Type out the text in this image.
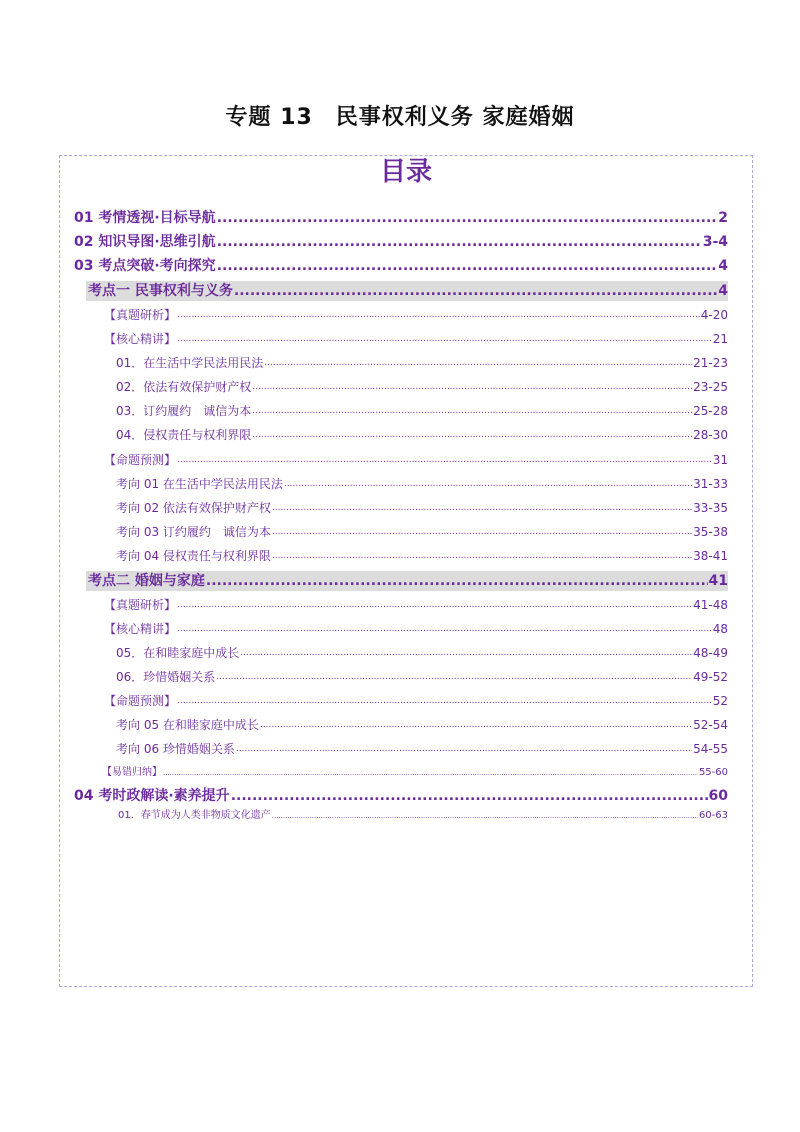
专题 13　民事权利义务 家庭婚姻
目录
01 考情透视·目标导航 .....	2
02 知识导图·思维引航 .....	3-4
03 考点突破·考向探究 .....	4
考点一 民事权利与义务 .....	4
【真题研析】 .....	4-20
【核心精讲】 .....	21
01．在生活中学民法用民法 .....	21-23
02．依法有效保护财产权 .....	23-25
03．订约履约　诚信为本 .....	25-28
04．侵权责任与权利界限 .....	28-30
【命题预测】 .....	31
考向 01 在生活中学民法用民法 .....	31-33
考向 02 依法有效保护财产权 .....	33-35
考向 03 订约履约　诚信为本 .....	35-38
考向 04 侵权责任与权利界限 .....	38-41
考点二 婚姻与家庭 .....	41
【真题研析】 .....	41-48
【核心精讲】 .....	48
05．在和睦家庭中成长 .....	48-49
06．珍惜婚姻关系 .....	49-52
【命题预测】 .....	52
考向 05 在和睦家庭中成长 .....	52-54
考向 06 珍惜婚姻关系 .....	54-55
【易错归纳】 .....	55-60
04 考时政解读·素养提升 .....	60
01．春节成为人类非物质文化遗产 .....	60-63
